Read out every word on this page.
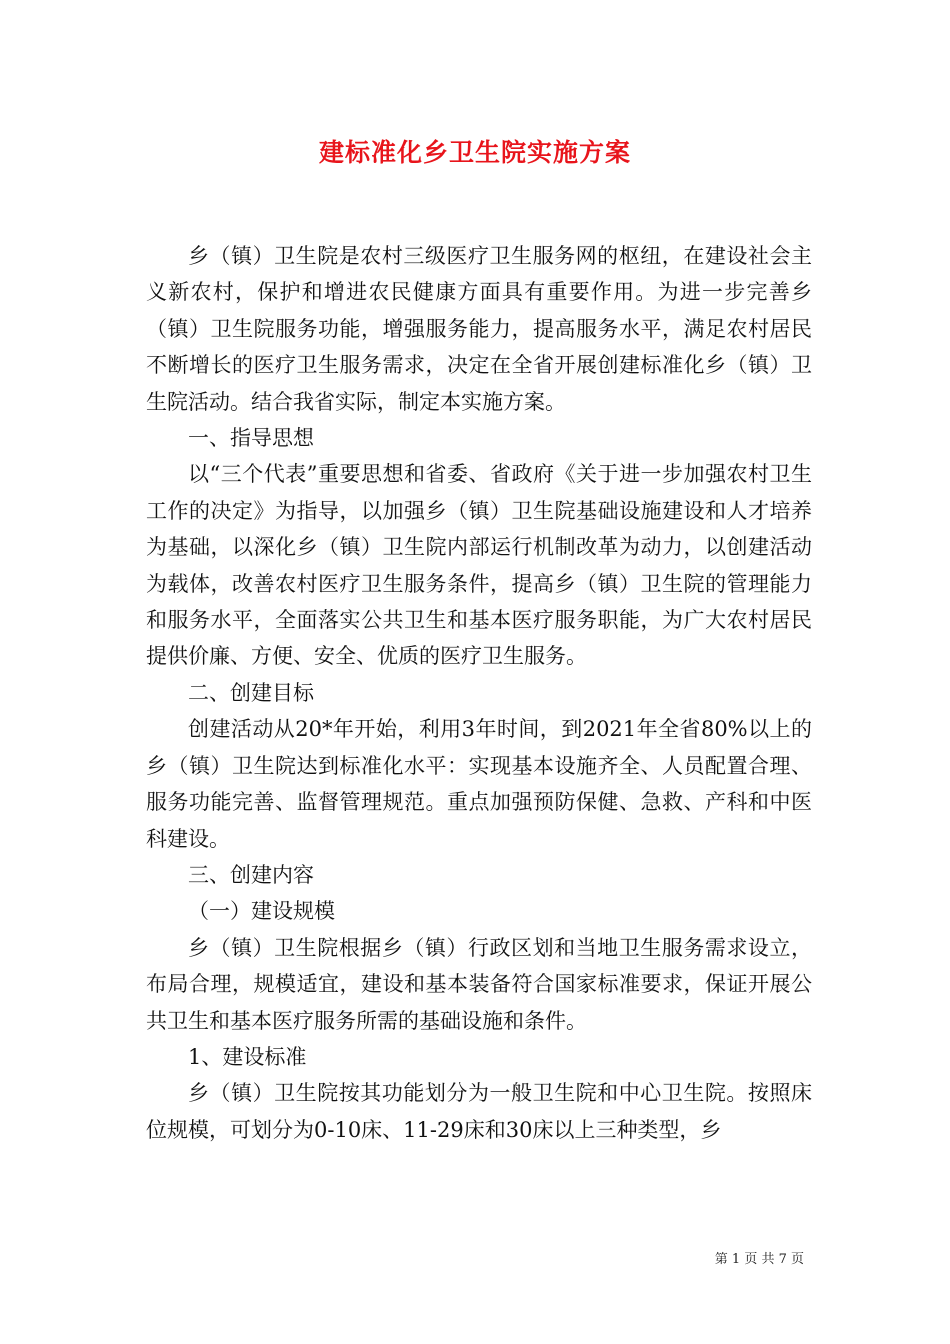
建标准化乡卫生院实施方案

乡（镇）卫生院是农村三级医疗卫生服务网的枢纽，在建设社会主义新农村，保护和增进农民健康方面具有重要作用。为进一步完善乡（镇）卫生院服务功能，增强服务能力，提高服务水平，满足农村居民不断增长的医疗卫生服务需求，决定在全省开展创建标准化乡（镇）卫生院活动。结合我省实际，制定本实施方案。

一、指导思想

以“三个代表”重要思想和省委、省政府《关于进一步加强农村卫生工作的决定》为指导，以加强乡（镇）卫生院基础设施建设和人才培养为基础，以深化乡（镇）卫生院内部运行机制改革为动力，以创建活动为载体，改善农村医疗卫生服务条件，提高乡（镇）卫生院的管理能力和服务水平，全面落实公共卫生和基本医疗服务职能，为广大农村居民提供价廉、方便、安全、优质的医疗卫生服务。

二、创建目标

创建活动从20*年开始，利用3年时间，到2021年全省80%以上的乡（镇）卫生院达到标准化水平：实现基本设施齐全、人员配置合理、服务功能完善、监督管理规范。重点加强预防保健、急救、产科和中医科建设。

三、创建内容

（一）建设规模

乡（镇）卫生院根据乡（镇）行政区划和当地卫生服务需求设立，布局合理，规模适宜，建设和基本装备符合国家标准要求，保证开展公共卫生和基本医疗服务所需的基础设施和条件。

1、建设标准

乡（镇）卫生院按其功能划分为一般卫生院和中心卫生院。按照床位规模，可划分为0-10床、11-29床和30床以上三种类型，乡

第 1 页 共 7 页
